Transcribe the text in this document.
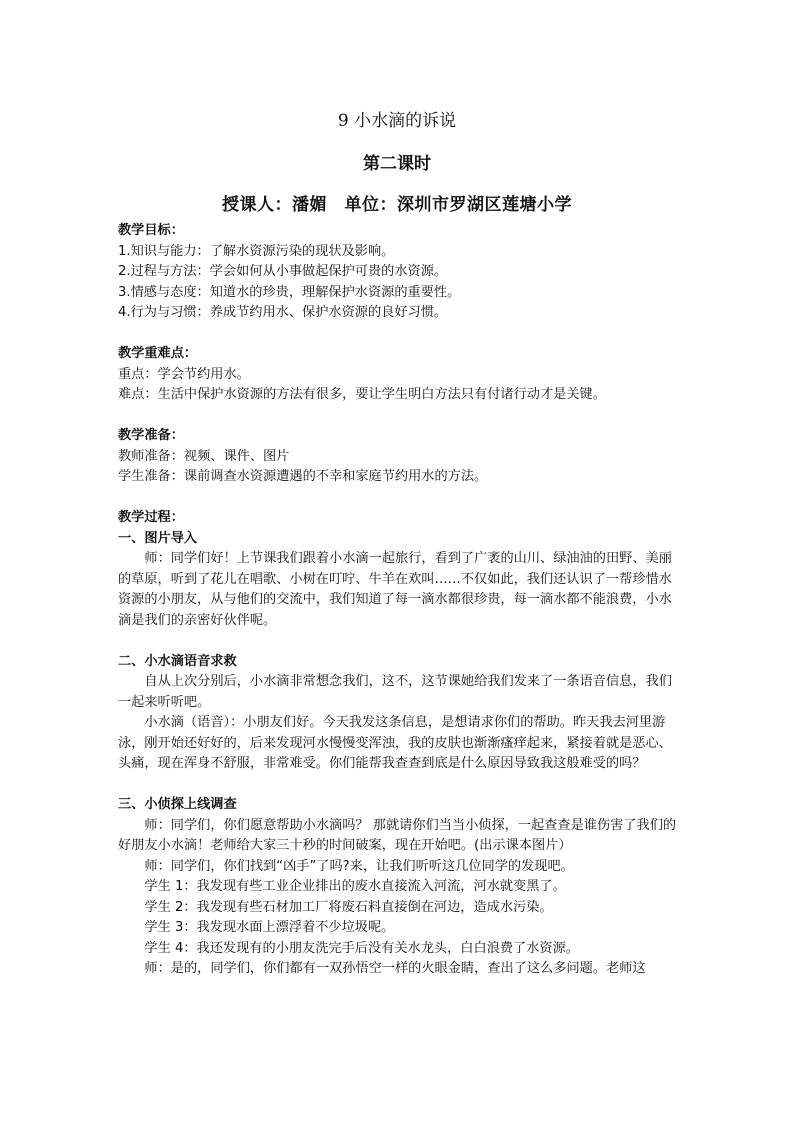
9 小水滴的诉说
第二课时
授课人：潘媚　单位：深圳市罗湖区莲塘小学

教学目标：

1.知识与能力：了解水资源污染的现状及影响。

2.过程与方法：学会如何从小事做起保护可贵的水资源。

3.情感与态度：知道水的珍贵，理解保护水资源的重要性。

4.行为与习惯：养成节约用水、保护水资源的良好习惯。

教学重难点：

重点：学会节约用水。

难点：生活中保护水资源的方法有很多，要让学生明白方法只有付诸行动才是关键。

教学准备：

教师准备：视频、课件、图片

学生准备：课前调查水资源遭遇的不幸和家庭节约用水的方法。

教学过程：

一、图片导入

师：同学们好！上节课我们跟着小水滴一起旅行，看到了广袤的山川、绿油油的田野、美丽的草原，听到了花儿在唱歌、小树在叮咛、牛羊在欢叫……不仅如此，我们还认识了一帮珍惜水资源的小朋友，从与他们的交流中，我们知道了每一滴水都很珍贵，每一滴水都不能浪费，小水滴是我们的亲密好伙伴呢。

二、小水滴语音求救

自从上次分别后，小水滴非常想念我们，这不，这节课她给我们发来了一条语音信息，我们一起来听听吧。

小水滴（语音）：小朋友们好。今天我发这条信息，是想请求你们的帮助。昨天我去河里游泳，刚开始还好好的，后来发现河水慢慢变浑浊，我的皮肤也渐渐瘙痒起来，紧接着就是恶心、头痛，现在浑身不舒服，非常难受。你们能帮我查查到底是什么原因导致我这般难受的吗？

三、小侦探上线调查

师：同学们，你们愿意帮助小水滴吗？ 那就请你们当当小侦探，一起查查是谁伤害了我们的好朋友小水滴！老师给大家三十秒的时间破案，现在开始吧。(出示课本图片）

师：同学们，你们找到“凶手”了吗?来，让我们听听这几位同学的发现吧。

学生 1：我发现有些工业企业排出的废水直接流入河流，河水就变黑了。

学生 2：我发现有些石材加工厂将废石料直接倒在河边，造成水污染。

学生 3：我发现水面上漂浮着不少垃圾呢。

学生 4：我还发现有的小朋友洗完手后没有关水龙头，白白浪费了水资源。

师：是的，同学们，你们都有一双孙悟空一样的火眼金睛，查出了这么多问题。老师这
